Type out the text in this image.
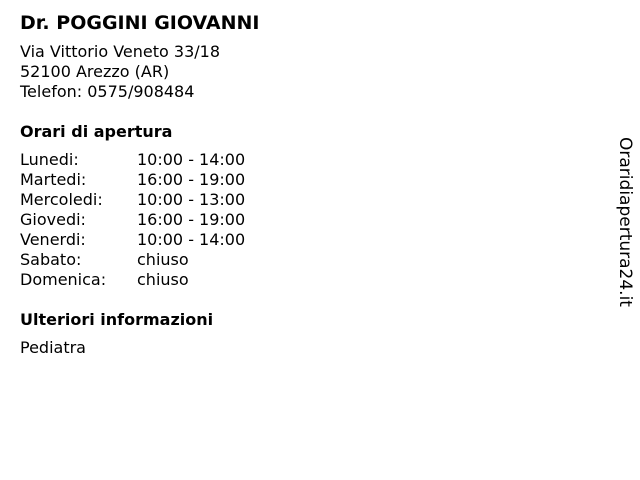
Dr. POGGINI GIOVANNI
Via Vittorio Veneto 33/18
52100 Arezzo (AR)
Telefon: 0575/908484
Orari di apertura
Lunedi:	10:00 - 14:00
Martedi:	16:00 - 19:00
Mercoledi:	10:00 - 13:00
Giovedi:	16:00 - 19:00
Venerdi:	10:00 - 14:00
Sabato:	chiuso
Domenica:	chiuso
Ulteriori informazioni
Pediatra
Oraridiapertura24.it
